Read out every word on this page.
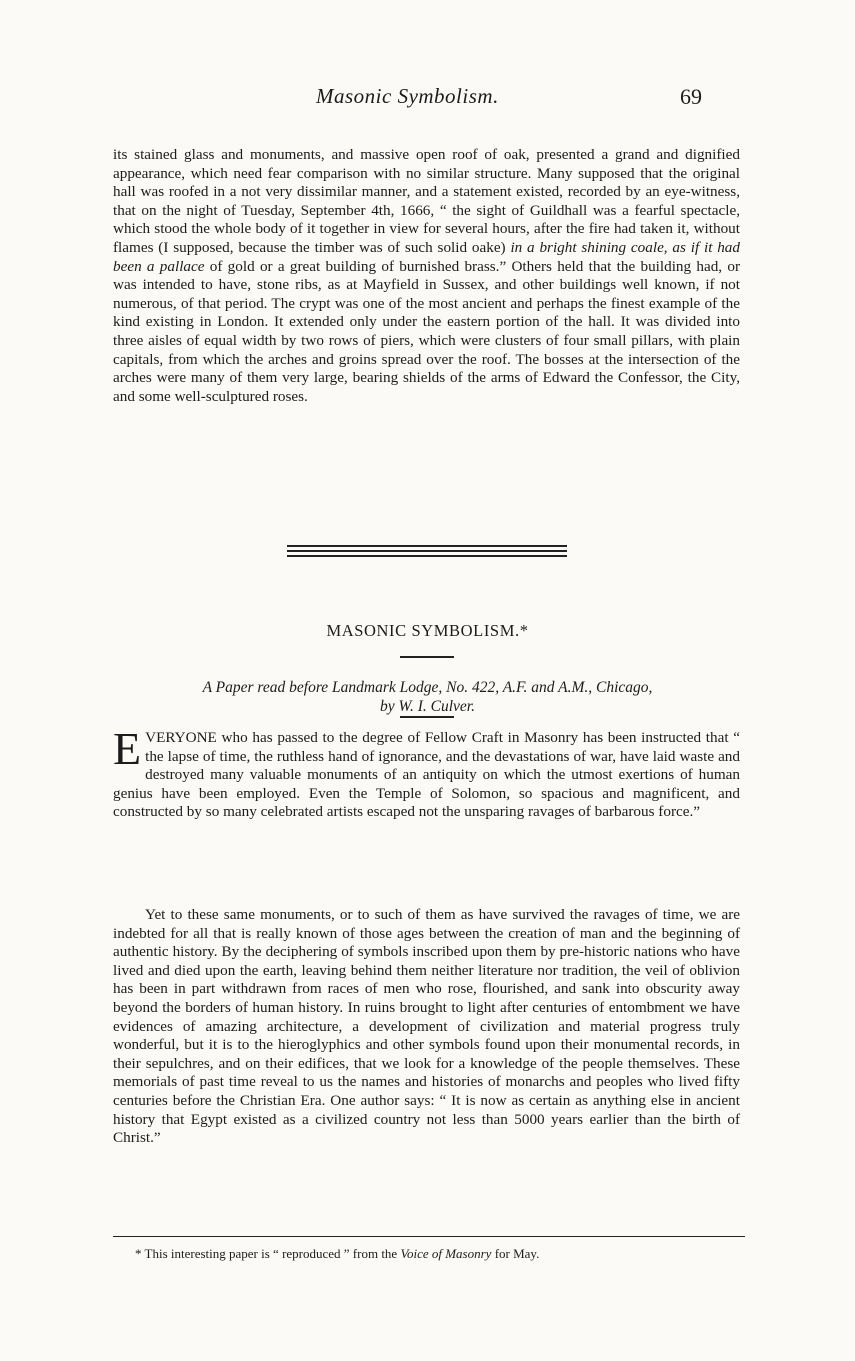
Masonic Symbolism.	69

its stained glass and monuments, and massive open roof of oak, presented a grand and dignified appearance, which need fear comparison with no similar structure. Many supposed that the original hall was roofed in a not very dissimilar manner, and a statement existed, recorded by an eye-witness, that on the night of Tuesday, September 4th, 1666, “ the sight of Guildhall was a fearful spectacle, which stood the whole body of it together in view for several hours, after the fire had taken it, without flames (I supposed, because the timber was of such solid oake) in a bright shining coale, as if it had been a pallace of gold or a great building of burnished brass.” Others held that the building had, or was intended to have, stone ribs, as at Mayfield in Sussex, and other buildings well known, if not numerous, of that period. The crypt was one of the most ancient and perhaps the finest example of the kind existing in London. It extended only under the eastern portion of the hall. It was divided into three aisles of equal width by two rows of piers, which were clusters of four small pillars, with plain capitals, from which the arches and groins spread over the roof. The bosses at the intersection of the arches were many of them very large, bearing shields of the arms of Edward the Confessor, the City, and some well-sculptured roses.

MASONIC SYMBOLISM.*
A Paper read before Landmark Lodge, No. 422, A.F. and A.M., Chicago,
by W. I. Culver.

EVERYONE who has passed to the degree of Fellow Craft in Masonry has been instructed that “ the lapse of time, the ruthless hand of ignorance, and the devastations of war, have laid waste and destroyed many valuable monuments of an antiquity on which the utmost exertions of human genius have been employed. Even the Temple of Solomon, so spacious and magnificent, and constructed by so many celebrated artists escaped not the unsparing ravages of barbarous force.”

Yet to these same monuments, or to such of them as have survived the ravages of time, we are indebted for all that is really known of those ages between the creation of man and the beginning of authentic history. By the deciphering of symbols inscribed upon them by pre-historic nations who have lived and died upon the earth, leaving behind them neither literature nor tradition, the veil of oblivion has been in part withdrawn from races of men who rose, flourished, and sank into obscurity away beyond the borders of human history. In ruins brought to light after centuries of entombment we have evidences of amazing architecture, a development of civilization and material progress truly wonderful, but it is to the hieroglyphics and other symbols found upon their monumental records, in their sepulchres, and on their edifices, that we look for a knowledge of the people themselves. These memorials of past time reveal to us the names and histories of monarchs and peoples who lived fifty centuries before the Christian Era. One author says: “ It is now as certain as anything else in ancient history that Egypt existed as a civilized country not less than 5000 years earlier than the birth of Christ.”

* This interesting paper is “ reproduced ” from the Voice of Masonry for May.
